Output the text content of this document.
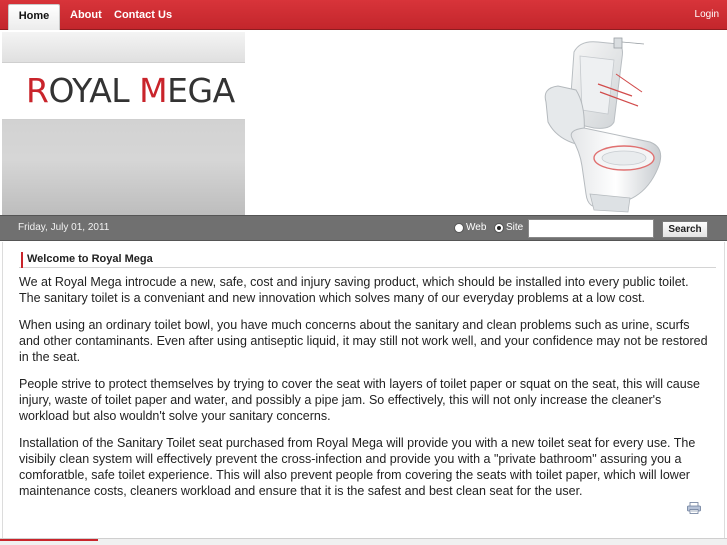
Home	About Contact Us	Login
ROYAL MEGA
Friday, July 01, 2011	Web Site	Search
Welcome to Royal Mega

We at Royal Mega introcude a new, safe, cost and injury saving product, which should be installed into every public toilet. The sanitary toilet is a conveniant and new innovation which solves many of our everyday problems at a low cost.

When using an ordinary toilet bowl, you have much concerns about the sanitary and clean problems such as urine, scurfs and other contaminants. Even after using antiseptic liquid, it may still not work well, and your confidence may not be restored in the seat.

People strive to protect themselves by trying to cover the seat with layers of toilet paper or squat on the seat, this will cause injury, waste of toilet paper and water, and possibly a pipe jam. So effectively, this will not only increase the cleaner's workload but also wouldn't solve your sanitary concerns.

Installation of the Sanitary Toilet seat purchased from Royal Mega will provide you with a new toilet seat for every use. The visibily clean system will effectively prevent the cross-infection and provide you with a "private bathroom" assuring you a comforatble, safe toilet experience. This will also prevent people from covering the seats with toilet paper, which will lower maintenance costs, cleaners workload and ensure that it is the safest and best clean seat for the user.
